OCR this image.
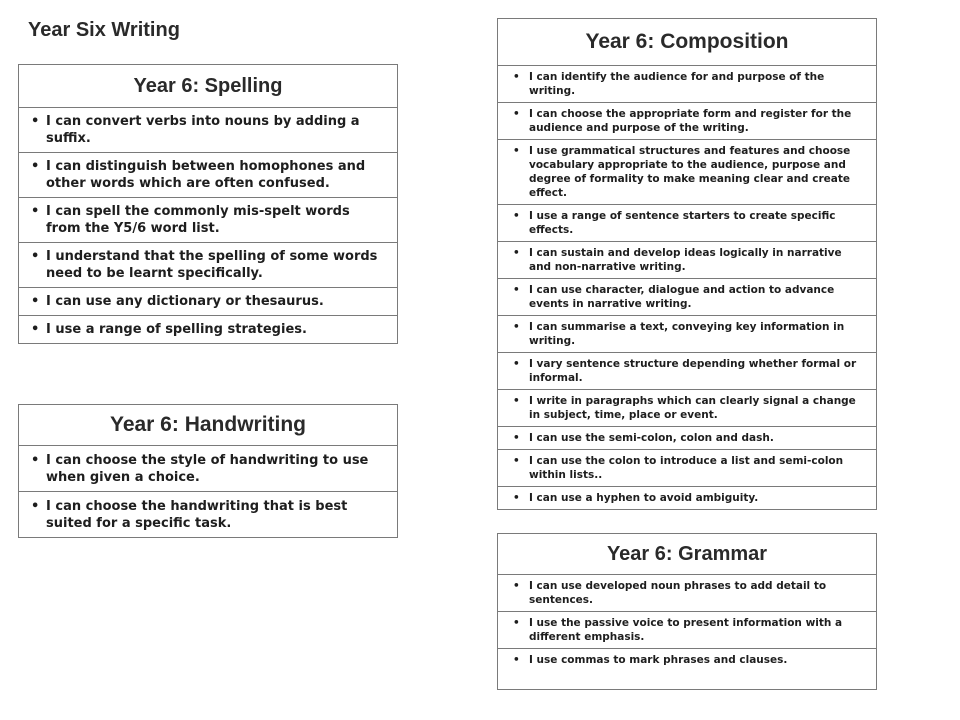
Year Six Writing
Year 6: Spelling

• I can convert verbs into nouns by adding a suffix.

• I can distinguish between homophones and other words which are often confused.

• I can spell the commonly mis-spelt words from the Y5/6 word list.

• I understand that the spelling of some words need to be learnt specifically.

• I can use any dictionary or thesaurus.

• I use a range of spelling strategies.
Year 6: Handwriting

• I can choose the style of handwriting to use when given a choice.

• I can choose the handwriting that is best suited for a specific task.
Year 6: Composition

• I can identify the audience for and purpose of the writing.

• I can choose the appropriate form and register for the audience and purpose of the writing.

• I use grammatical structures and features and choose vocabulary appropriate to the audience, purpose and degree of formality to make meaning clear and create effect.

• I use a range of sentence starters to create specific effects.

• I can sustain and develop ideas logically in narrative and non-narrative writing.

• I can use character, dialogue and action to advance events in narrative writing.

• I can summarise a text, conveying key information in writing.

• I vary sentence structure depending whether formal or informal.

• I write in paragraphs which can clearly signal a change in subject, time, place or event.

• I can use the semi-colon, colon and dash.

• I can use the colon to introduce a list and semi-colon within lists..

• I can use a hyphen to avoid ambiguity.
Year 6: Grammar

• I can use developed noun phrases to add detail to sentences.

• I use the passive voice to present information with a different emphasis.

• I use commas to mark phrases and clauses.
